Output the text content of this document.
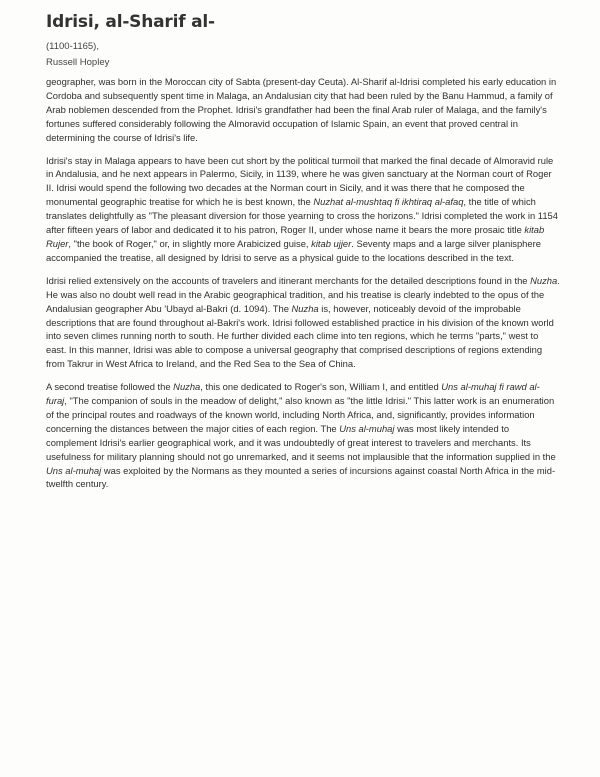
Idrisi, al-Sharif al-
(1100-1165),
Russell Hopley

geographer, was born in the Moroccan city of Sabta (present-day Ceuta). Al-Sharif al-Idrisi completed his early education in Cordoba and subsequently spent time in Malaga, an Andalusian city that had been ruled by the Banu Hammud, a family of Arab noblemen descended from the Prophet. Idrisi's grandfather had been the final Arab ruler of Malaga, and the family's fortunes suffered considerably following the Almoravid occupation of Islamic Spain, an event that proved central in determining the course of Idrisi's life.

Idrisi's stay in Malaga appears to have been cut short by the political turmoil that marked the final decade of Almoravid rule in Andalusia, and he next appears in Palermo, Sicily, in 1139, where he was given sanctuary at the Norman court of Roger II. Idrisi would spend the following two decades at the Norman court in Sicily, and it was there that he composed the monumental geographic treatise for which he is best known, the Nuzhat al-mushtaq fi ikhtiraq al-afaq, the title of which translates delightfully as "The pleasant diversion for those yearning to cross the horizons." Idrisi completed the work in 1154 after fifteen years of labor and dedicated it to his patron, Roger II, under whose name it bears the more prosaic title kitab Rujer, "the book of Roger," or, in slightly more Arabicized guise, kitab ujjer. Seventy maps and a large silver planisphere accompanied the treatise, all designed by Idrisi to serve as a physical guide to the locations described in the text.

Idrisi relied extensively on the accounts of travelers and itinerant merchants for the detailed descriptions found in the Nuzha. He was also no doubt well read in the Arabic geographical tradition, and his treatise is clearly indebted to the opus of the Andalusian geographer Abu 'Ubayd al-Bakri (d. 1094). The Nuzha is, however, noticeably devoid of the improbable descriptions that are found throughout al-Bakri's work. Idrisi followed established practice in his division of the known world into seven climes running north to south. He further divided each clime into ten regions, which he terms "parts," west to east. In this manner, Idrisi was able to compose a universal geography that comprised descriptions of regions extending from Takrur in West Africa to Ireland, and the Red Sea to the Sea of China.

A second treatise followed the Nuzha, this one dedicated to Roger's son, William I, and entitled Uns al-muhaj fi rawd al-furaj, "The companion of souls in the meadow of delight," also known as "the little Idrisi." This latter work is an enumeration of the principal routes and roadways of the known world, including North Africa, and, significantly, provides information concerning the distances between the major cities of each region. The Uns al-muhaj was most likely intended to complement Idrisi's earlier geographical work, and it was undoubtedly of great interest to travelers and merchants. Its usefulness for military planning should not go unremarked, and it seems not implausible that the information supplied in the Uns al-muhaj was exploited by the Normans as they mounted a series of incursions against coastal North Africa in the mid-twelfth century.
